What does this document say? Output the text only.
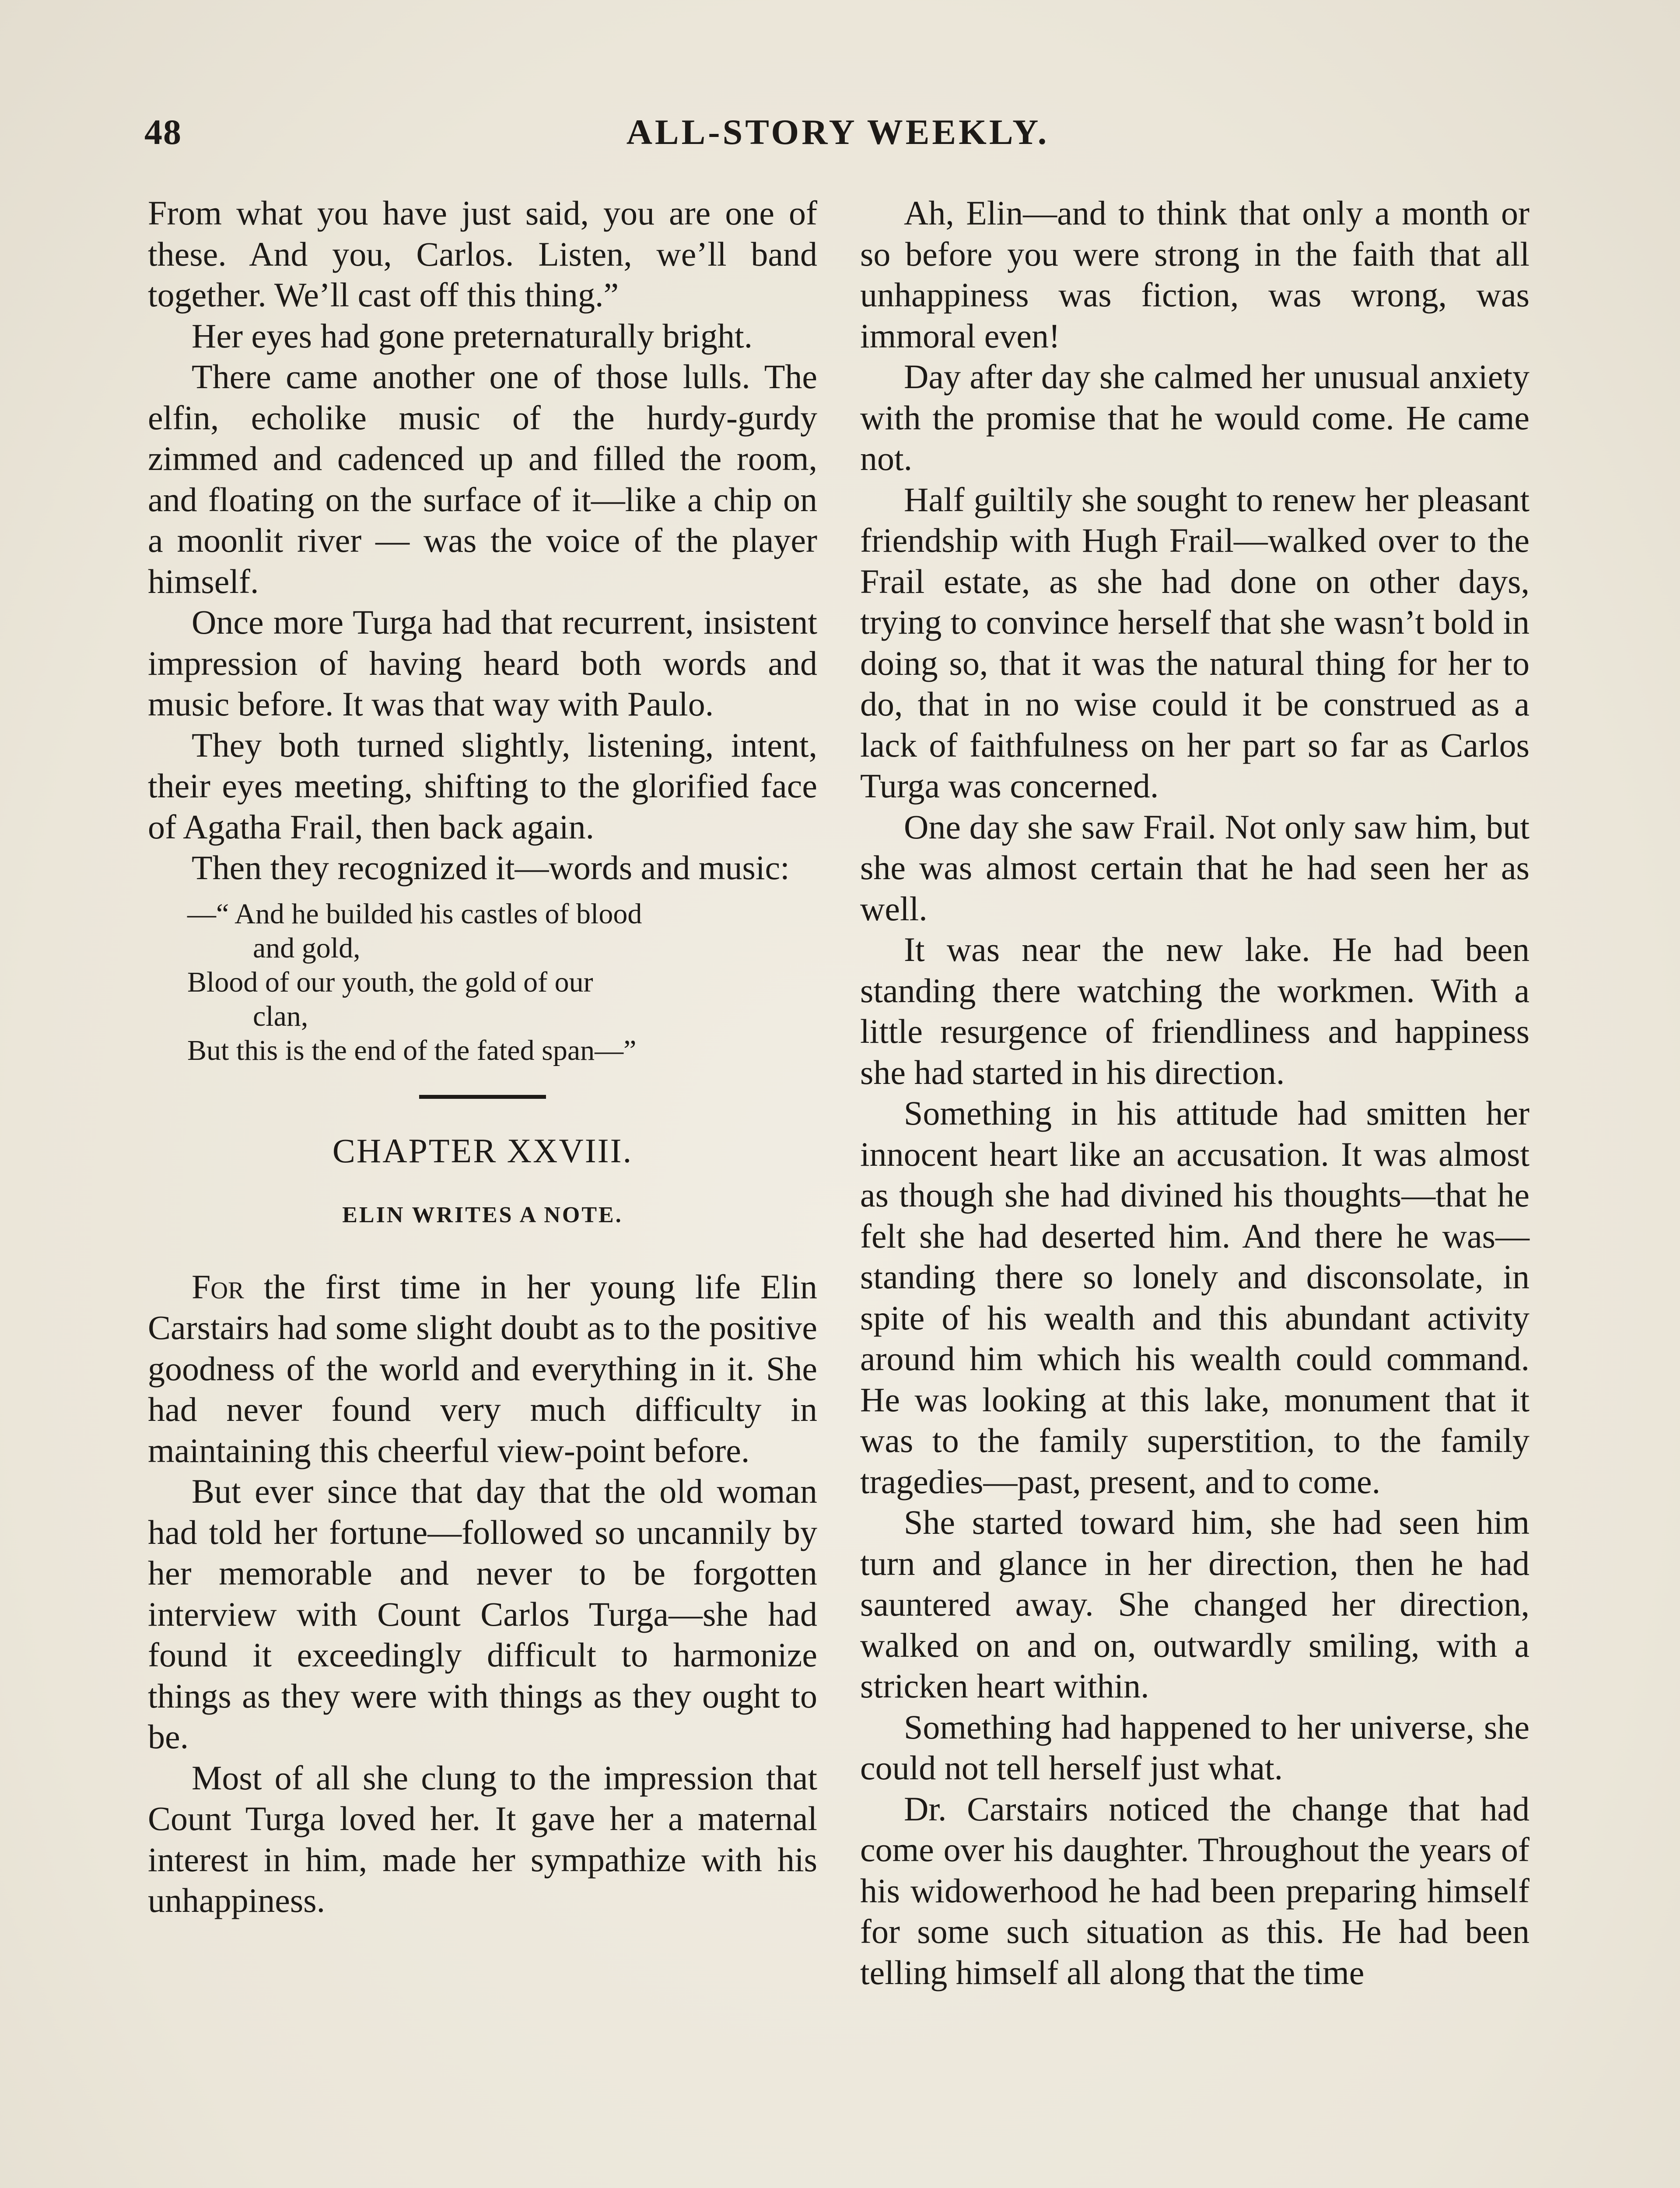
48	ALL-STORY WEEKLY.

From what you have just said, you are one of these. And you, Carlos. Listen, we’ll band together. We’ll cast off this thing.”

Her eyes had gone preternaturally bright.

There came another one of those lulls. The elfin, echolike music of the hurdy-gurdy zimmed and cadenced up and filled the room, and floating on the surface of it—like a chip on a moonlit river — was the voice of the player himself.

Once more Turga had that recurrent, insistent impression of having heard both words and music before. It was that way with Paulo.

They both turned slightly, listening, intent, their eyes meeting, shifting to the glorified face of Agatha Frail, then back again.

Then they recognized it—words and music:

—“ And he builded his castles of blood
and gold,
Blood of our youth, the gold of our
clan,
But this is the end of the fated span—”
CHAPTER XXVIII.
ELIN WRITES A NOTE.

For the first time in her young life Elin Carstairs had some slight doubt as to the positive goodness of the world and everything in it. She had never found very much difficulty in maintaining this cheerful view-point before.

But ever since that day that the old woman had told her fortune—followed so uncannily by her memorable and never to be forgotten interview with Count Carlos Turga—she had found it exceedingly difficult to harmonize things as they were with things as they ought to be.

Most of all she clung to the impression that Count Turga loved her. It gave her a maternal interest in him, made her sympathize with his unhappiness.

Ah, Elin—and to think that only a month or so before you were strong in the faith that all unhappiness was fiction, was wrong, was immoral even!

Day after day she calmed her unusual anxiety with the promise that he would come. He came not.

Half guiltily she sought to renew her pleasant friendship with Hugh Frail—walked over to the Frail estate, as she had done on other days, trying to convince herself that she wasn’t bold in doing so, that it was the natural thing for her to do, that in no wise could it be construed as a lack of faithfulness on her part so far as Carlos Turga was concerned.

One day she saw Frail. Not only saw him, but she was almost certain that he had seen her as well.

It was near the new lake. He had been standing there watching the workmen. With a little resurgence of friendliness and happiness she had started in his direction.

Something in his attitude had smitten her innocent heart like an accusation. It was almost as though she had divined his thoughts—that he felt she had deserted him. And there he was—standing there so lonely and disconsolate, in spite of his wealth and this abundant activity around him which his wealth could command. He was looking at this lake, monument that it was to the family superstition, to the family tragedies—past, present, and to come.

She started toward him, she had seen him turn and glance in her direction, then he had sauntered away. She changed her direction, walked on and on, outwardly smiling, with a stricken heart within.

Something had happened to her universe, she could not tell herself just what.

Dr. Carstairs noticed the change that had come over his daughter. Throughout the years of his widowerhood he had been preparing himself for some such situation as this. He had been telling himself all along that the time
